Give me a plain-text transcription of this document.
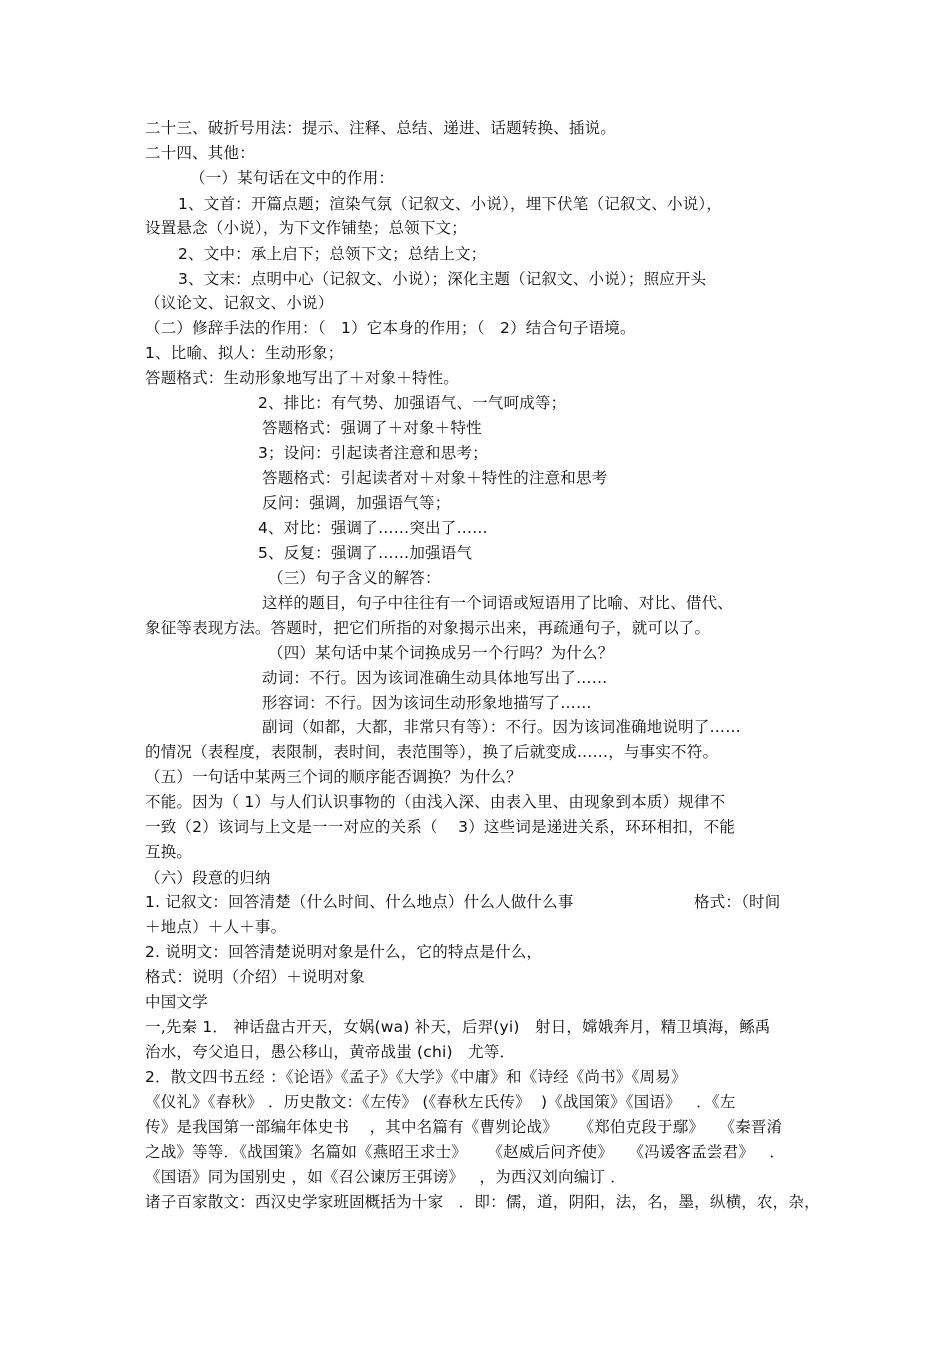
二十三、破折号用法：提示、注释、总结、递进、话题转换、插说。
二十四、其他：
（一）某句话在文中的作用：
1、文首：开篇点题；渲染气氛（记叙文、小说），埋下伏笔（记叙文、小说），
设置悬念（小说），为下文作铺垫；总领下文；
2、文中：承上启下；总领下文；总结上文；
3、文末：点明中心（记叙文、小说）；深化主题（记叙文、小说）；照应开头
（议论文、记叙文、小说）
（二）修辞手法的作用：（   1）它本身的作用；（   2）结合句子语境。
1、比喻、拟人：生动形象；
答题格式：生动形象地写出了＋对象＋特性。
2、排比：有气势、加强语气、一气呵成等；
答题格式：强调了＋对象＋特性
3；设问：引起读者注意和思考；
答题格式：引起读者对＋对象＋特性的注意和思考
反问：强调，加强语气等；
4、对比：强调了……突出了……
5、反复：强调了……加强语气
（三）句子含义的解答：
这样的题目，句子中往往有一个词语或短语用了比喻、对比、借代、
象征等表现方法。答题时，把它们所指的对象揭示出来，再疏通句子，就可以了。
（四）某句话中某个词换成另一个行吗？为什么？
动词：不行。因为该词准确生动具体地写出了……
形容词：不行。因为该词生动形象地描写了……
副词（如都，大都，非常只有等）：不行。因为该词准确地说明了……
的情况（表程度，表限制，表时间，表范围等），换了后就变成……，与事实不符。
（五）一句话中某两三个词的顺序能否调换？为什么？
不能。因为（ 1）与人们认识事物的（由浅入深、由表入里、由现象到本质）规律不
一致（2）该词与上文是一一对应的关系（    3）这些词是递进关系，环环相扣，不能
互换。
（六）段意的归纳
1. 记叙文：回答清楚（什么时间、什么地点）什么人做什么事	格式：（时间
＋地点）＋人＋事。
2. 说明文：回答清楚说明对象是什么，它的特点是什么，
格式：说明（介绍）＋说明对象
中国文学
一,先秦 1． 神话盘古开天，女娲(wa) 补天，后羿(yi)   射日，嫦娥奔月，精卫填海，鲧禹
治水，夸父追日，愚公移山，黄帝战蚩 (chi)   尤等．
2．散文四书五经 ：《论语》《孟子》《大学》《中庸》和《诗经《尚书》《周易》
《仪礼》《春秋》 ．历史散文：《左传》 (《春秋左氏传》  )《战国策》《国语》   ．《左
传》是我国第一部编年体史书    ，其中名篇有《曹刿论战》    《郑伯克段于鄢》   《秦晋淆
之战》等等．《战国策》名篇如《燕昭王求士》    《赵威后问齐使》   《冯谖客孟尝君》   ．
《国语》同为国别史 ，如《召公谏厉王弭谤》   ，为西汉刘向编订 ．
诸子百家散文：西汉史学家班固概括为十家   ．即：儒，道，阴阳，法，名，墨，纵横，农，杂，
